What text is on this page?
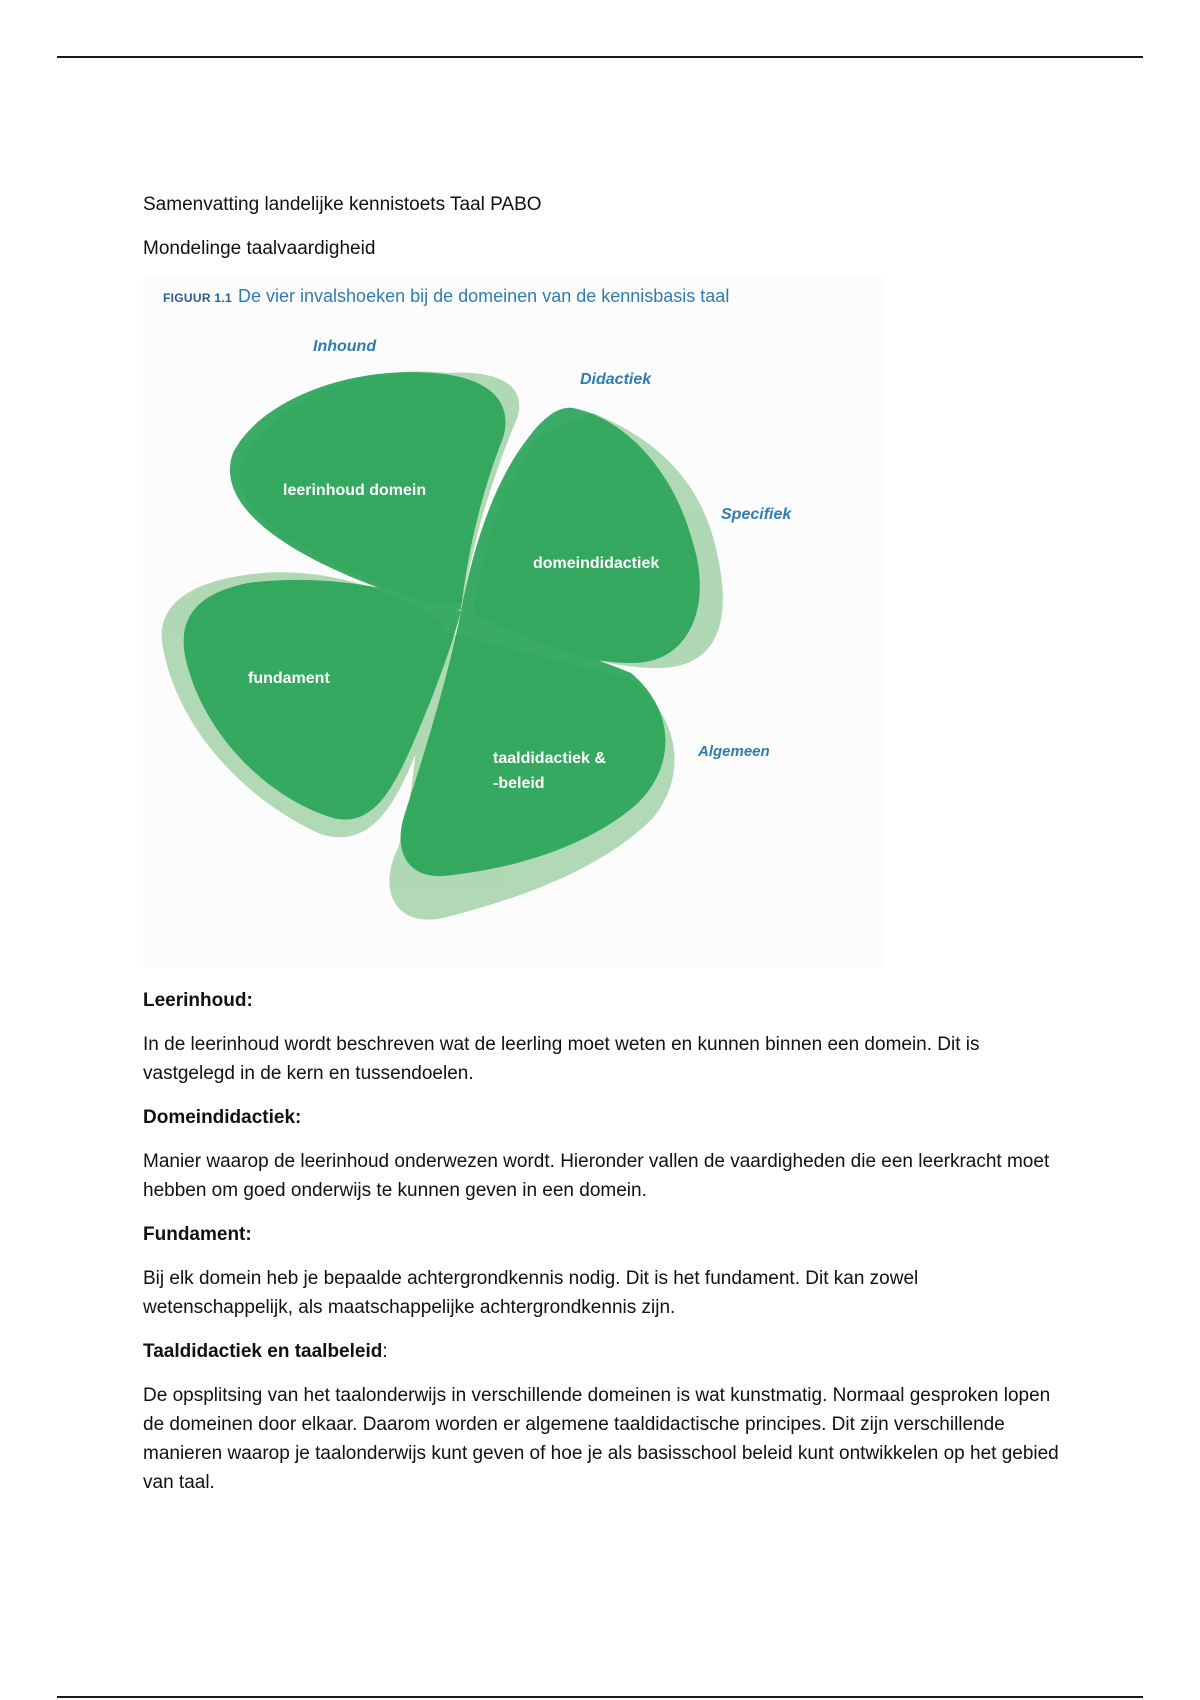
Samenvatting landelijke kennistoets Taal PABO

Mondelinge taalvaardigheid

FIGUUR 1.1 De vier invalshoeken bij de domeinen van de kennisbasis taal
Inhound
Didactiek
Specifiek
Algemeen
leerinhoud domein
domeindidactiek
fundament
taaldidactiek &
-beleid

Leerinhoud:

In de leerinhoud wordt beschreven wat de leerling moet weten en kunnen binnen een domein. Dit is vastgelegd in de kern en tussendoelen.

Domeindidactiek:

Manier waarop de leerinhoud onderwezen wordt. Hieronder vallen de vaardigheden die een leerkracht moet hebben om goed onderwijs te kunnen geven in een domein.

Fundament:

Bij elk domein heb je bepaalde achtergrondkennis nodig. Dit is het fundament. Dit kan zowel wetenschappelijk, als maatschappelijke achtergrondkennis zijn.

Taaldidactiek en taalbeleid:

De opsplitsing van het taalonderwijs in verschillende domeinen is wat kunstmatig. Normaal gesproken lopen de domeinen door elkaar. Daarom worden er algemene taaldidactische principes. Dit zijn verschillende manieren waarop je taalonderwijs kunt geven of hoe je als basisschool beleid kunt ontwikkelen op het gebied van taal.
